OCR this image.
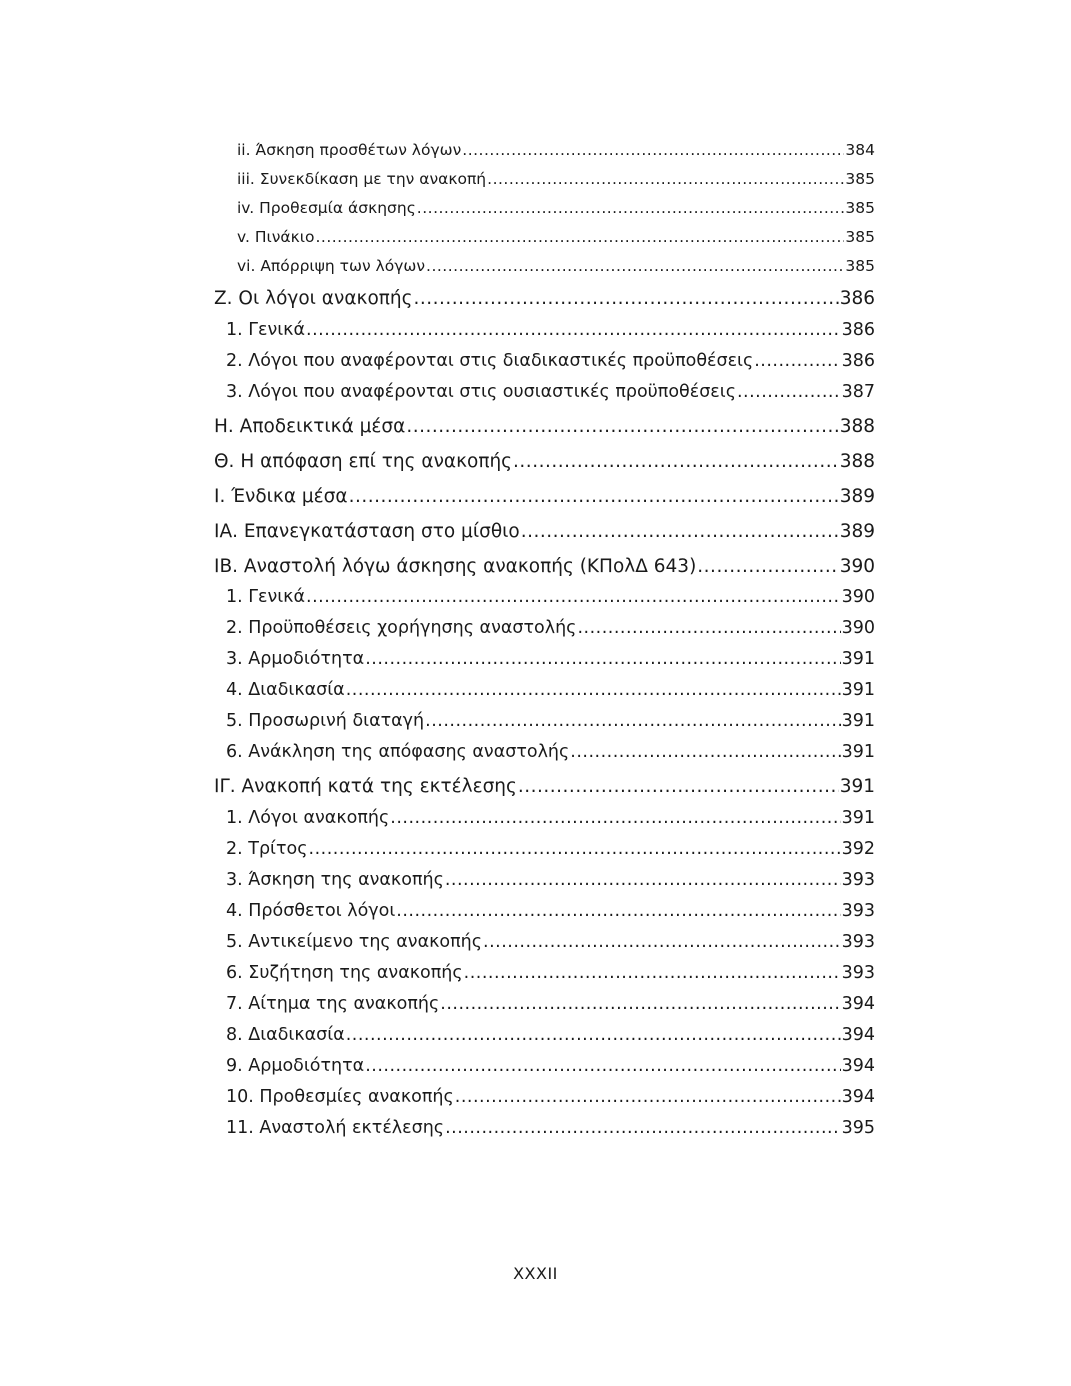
ii. Άσκηση προσθέτων λόγων .....	384
iii. Συνεκδίκαση με την ανακοπή .....	385
iv. Προθεσμία άσκησης .....	385
v. Πινάκιο .....	385
vi. Απόρριψη των λόγων .....	385
Ζ. Οι λόγοι ανακοπής .....	386
1. Γενικά .....	386
2. Λόγοι που αναφέρονται στις διαδικαστικές προϋποθέσεις .....	386
3. Λόγοι που αναφέρονται στις ουσιαστικές προϋποθέσεις .....	387
Η. Αποδεικτικά μέσα .....	388
Θ. Η απόφαση επί της ανακοπής .....	388
Ι. Ένδικα μέσα .....	389
ΙΑ. Επανεγκατάσταση στο μίσθιο .....	389
ΙΒ. Αναστολή λόγω άσκησης ανακοπής (ΚΠολΔ 643) .....	390
1. Γενικά .....	390
2. Προϋποθέσεις χορήγησης αναστολής .....	390
3. Αρμοδιότητα .....	391
4. Διαδικασία .....	391
5. Προσωρινή διαταγή .....	391
6. Ανάκληση της απόφασης αναστολής .....	391
ΙΓ. Ανακοπή κατά της εκτέλεσης .....	391
1. Λόγοι ανακοπής .....	391
2. Τρίτος .....	392
3. Άσκηση της ανακοπής .....	393
4. Πρόσθετοι λόγοι .....	393
5. Αντικείμενο της ανακοπής .....	393
6. Συζήτηση της ανακοπής .....	393
7. Αίτημα της ανακοπής .....	394
8. Διαδικασία .....	394
9. Αρμοδιότητα .....	394
10. Προθεσμίες ανακοπής .....	394
11. Αναστολή εκτέλεσης .....	395
XXXII
